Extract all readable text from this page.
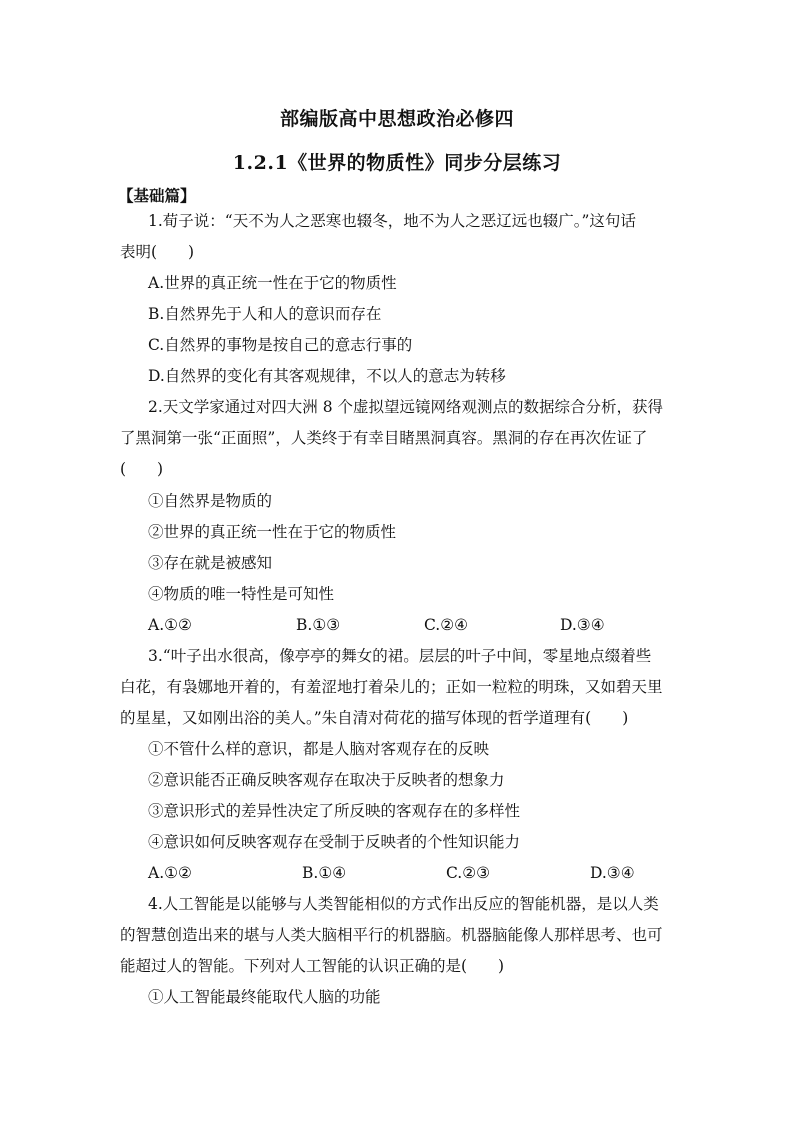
部编版高中思想政治必修四
1.2.1《世界的物质性》同步分层练习
【基础篇】
1.荀子说：“天不为人之恶寒也辍冬，地不为人之恶辽远也辍广。”这句话
表明(　　)
A.世界的真正统一性在于它的物质性
B.自然界先于人和人的意识而存在
C.自然界的事物是按自己的意志行事的
D.自然界的变化有其客观规律，不以人的意志为转移
2.天文学家通过对四大洲 8 个虚拟望远镜网络观测点的数据综合分析，获得
了黑洞第一张“正面照”，人类终于有幸目睹黑洞真容。黑洞的存在再次佐证了
(　　)
①自然界是物质的
②世界的真正统一性在于它的物质性
③存在就是被感知
④物质的唯一特性是可知性
A.①②	B.①③	C.②④	D.③④
3.“叶子出水很高，像亭亭的舞女的裙。层层的叶子中间，零星地点缀着些
白花，有袅娜地开着的，有羞涩地打着朵儿的；正如一粒粒的明珠，又如碧天里
的星星，又如刚出浴的美人。”朱自清对荷花的描写体现的哲学道理有(　　)
①不管什么样的意识，都是人脑对客观存在的反映
②意识能否正确反映客观存在取决于反映者的想象力
③意识形式的差异性决定了所反映的客观存在的多样性
④意识如何反映客观存在受制于反映者的个性知识能力
A.①②	B.①④	C.②③	D.③④
4.人工智能是以能够与人类智能相似的方式作出反应的智能机器，是以人类
的智慧创造出来的堪与人类大脑相平行的机器脑。机器脑能像人那样思考、也可
能超过人的智能。下列对人工智能的认识正确的是(　　)
①人工智能最终能取代人脑的功能
